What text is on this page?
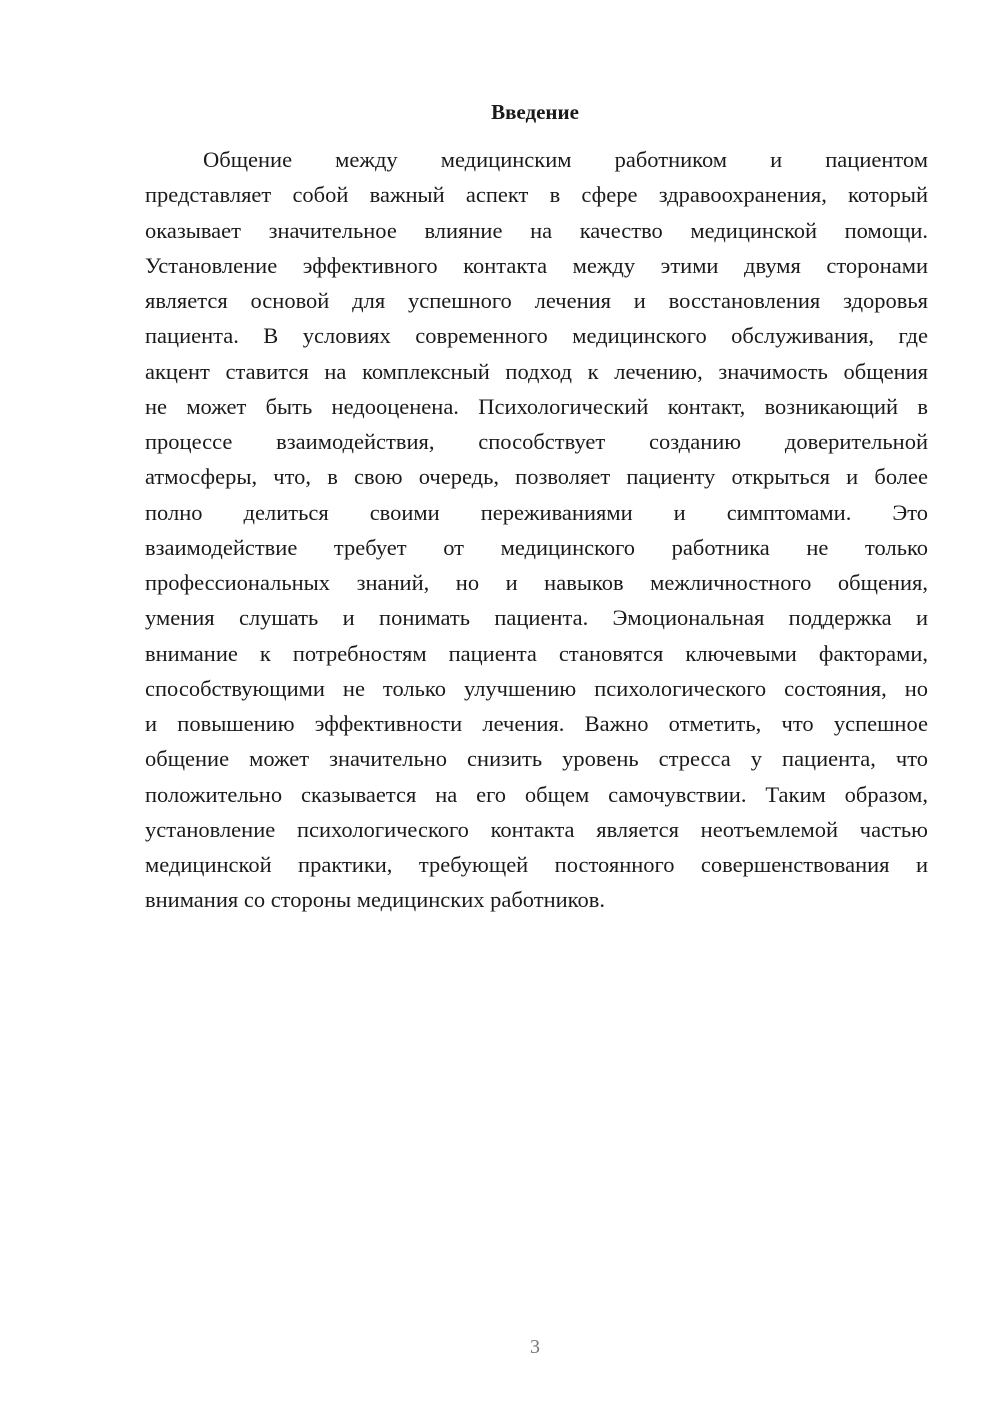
Введение
Общение между медицинским работником и пациентом
представляет собой важный аспект в сфере здравоохранения, который
оказывает значительное влияние на качество медицинской помощи.
Установление эффективного контакта между этими двумя сторонами
является основой для успешного лечения и восстановления здоровья
пациента. В условиях современного медицинского обслуживания, где
акцент ставится на комплексный подход к лечению, значимость общения
не может быть недооценена. Психологический контакт, возникающий в
процессе взаимодействия, способствует созданию доверительной
атмосферы, что, в свою очередь, позволяет пациенту открыться и более
полно делиться своими переживаниями и симптомами. Это
взаимодействие требует от медицинского работника не только
профессиональных знаний, но и навыков межличностного общения,
умения слушать и понимать пациента. Эмоциональная поддержка и
внимание к потребностям пациента становятся ключевыми факторами,
способствующими не только улучшению психологического состояния, но
и повышению эффективности лечения. Важно отметить, что успешное
общение может значительно снизить уровень стресса у пациента, что
положительно сказывается на его общем самочувствии. Таким образом,
установление психологического контакта является неотъемлемой частью
медицинской практики, требующей постоянного совершенствования и
внимания со стороны медицинских работников.
3
